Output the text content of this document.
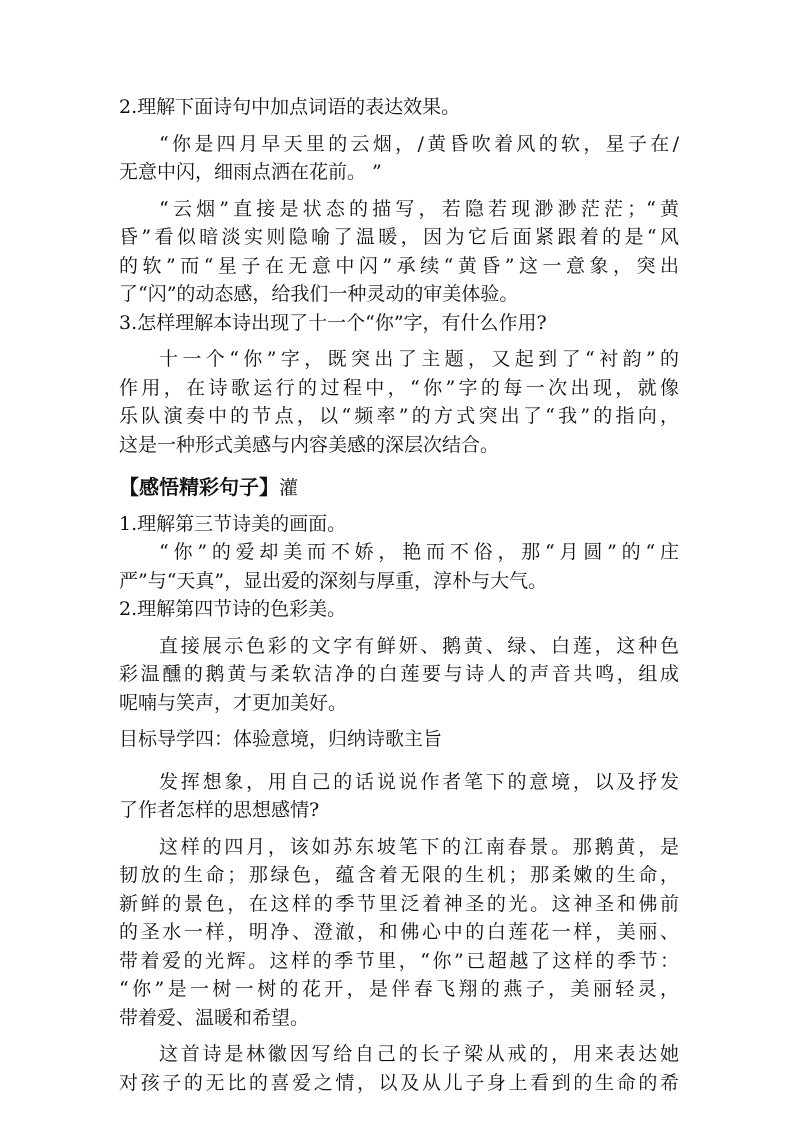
2.理解下面诗句中加点词语的表达效果。
“你是四月早天里的云烟，/黄昏吹着风的软，星子在/
无意中闪，细雨点洒在花前。 ”
“云烟”直接是状态的描写，若隐若现渺渺茫茫；“黄
昏”看似暗淡实则隐喻了温暖，因为它后面紧跟着的是“风
的软”而“星子在无意中闪”承续“黄昏”这一意象，突出
了“闪”的动态感，给我们一种灵动的审美体验。
3.怎样理解本诗出现了十一个“你”字，有什么作用?
十一个“你”字，既突出了主题，又起到了“衬韵”的
作用，在诗歌运行的过程中，“你”字的每一次出现，就像
乐队演奏中的节点，以“频率”的方式突出了“我”的指向，
这是一种形式美感与内容美感的深层次结合。
【感悟精彩句子】灌
1.理解第三节诗美的画面。
“你”的爱却美而不娇，艳而不俗，那“月圆”的“庄
严”与“天真”，显出爱的深刻与厚重，淳朴与大气。
2.理解第四节诗的色彩美。
直接展示色彩的文字有鲜妍、鹅黄、绿、白莲，这种色
彩温醺的鹅黄与柔软洁净的白莲要与诗人的声音共鸣，组成
呢喃与笑声，才更加美好。
目标导学四：体验意境，归纳诗歌主旨
发挥想象，用自己的话说说作者笔下的意境，以及抒发
了作者怎样的思想感情?
这样的四月，该如苏东坡笔下的江南春景。那鹅黄，是
韧放的生命；那绿色，蕴含着无限的生机；那柔嫩的生命，
新鲜的景色，在这样的季节里泛着神圣的光。这神圣和佛前
的圣水一样，明净、澄澈，和佛心中的白莲花一样，美丽、
带着爱的光辉。这样的季节里，“你”已超越了这样的季节：
“你”是一树一树的花开，是伴春飞翔的燕子，美丽轻灵，
带着爱、温暖和希望。
这首诗是林徽因写给自己的长子梁从戒的，用来表达她
对孩子的无比的喜爱之情，以及从儿子身上看到的生命的希
